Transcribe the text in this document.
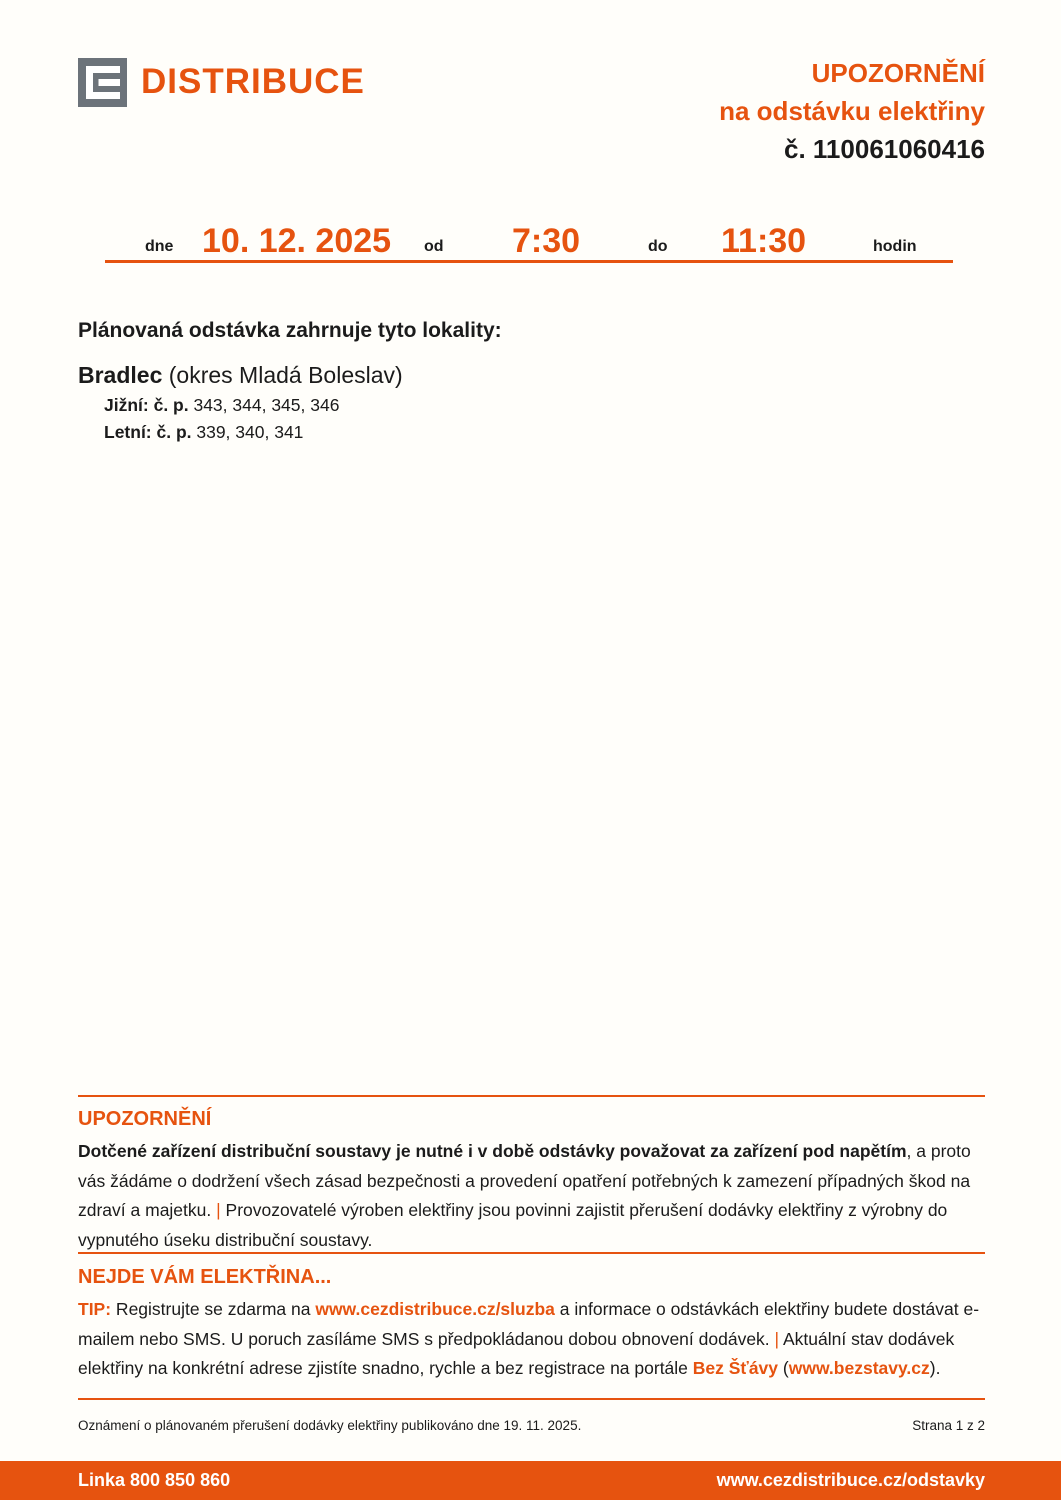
DISTRIBUCE	UPOZORNĚNÍ
na odstávku elektřiny
č. 110061060416
dne 10. 12. 2025 od 7:30	do 11:30	hodin
Plánovaná odstávka zahrnuje tyto lokality:
Bradlec (okres Mladá Boleslav)
Jižní: č. p. 343, 344, 345, 346
Letní: č. p. 339, 340, 341
UPOZORNĚNÍ

Dotčené zařízení distribuční soustavy je nutné i v době odstávky považovat za zařízení pod napětím, a proto vás žádáme o dodržení všech zásad bezpečnosti a provedení opatření potřebných k zamezení případných škod na zdraví a majetku. | Provozovatelé výroben elektřiny jsou povinni zajistit přerušení dodávky elektřiny z výrobny do vypnutého úseku distribuční soustavy.

NEJDE VÁM ELEKTŘINA...

TIP: Registrujte se zdarma na www.cezdistribuce.cz/sluzba a informace o odstávkách elektřiny budete dostávat e-mailem nebo SMS. U poruch zasíláme SMS s předpokládanou dobou obnovení dodávek. | Aktuální stav dodávek elektřiny na konkrétní adrese zjistíte snadno, rychle a bez registrace na portále Bez Šťávy (www.bezstavy.cz).

Oznámení o plánovaném přerušení dodávky elektřiny publikováno dne 19. 11. 2025.	Strana 1 z 2
Linka 800 850 860	www.cezdistribuce.cz/odstavky
